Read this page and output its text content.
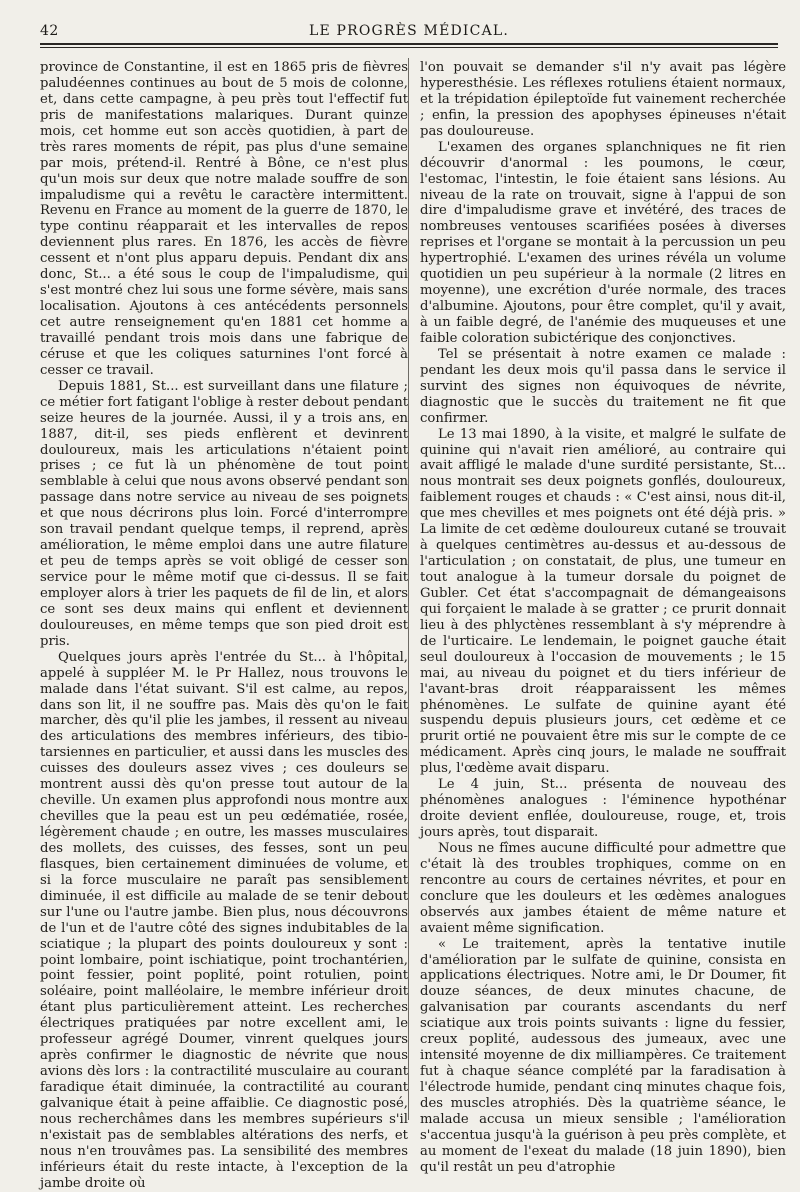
42	LE PROGRÈS MÉDICAL.

province de Constantine, il est en 1865 pris de fièvres paludéennes continues au bout de 5 mois de colonne, et, dans cette campagne, à peu près tout l'effectif fut pris de manifestations malariques. Durant quinze mois, cet homme eut son accès quotidien, à part de très rares moments de répit, pas plus d'une semaine par mois, prétend-il. Rentré à Bône, ce n'est plus qu'un mois sur deux que notre malade souffre de son impaludisme qui a revêtu le caractère intermittent. Revenu en France au moment de la guerre de 1870, le type continu réapparait et les intervalles de repos deviennent plus rares. En 1876, les accès de fièvre cessent et n'ont plus apparu depuis. Pendant dix ans donc, St... a été sous le coup de l'impaludisme, qui s'est montré chez lui sous une forme sévère, mais sans localisation. Ajoutons à ces antécédents personnels cet autre renseignement qu'en 1881 cet homme a travaillé pendant trois mois dans une fabrique de céruse et que les coliques saturnines l'ont forcé à cesser ce travail.

Depuis 1881, St... est surveillant dans une filature ; ce métier fort fatigant l'oblige à rester debout pendant seize heures de la journée. Aussi, il y a trois ans, en 1887, dit-il, ses pieds enflèrent et devinrent douloureux, mais les articulations n'étaient point prises ; ce fut là un phénomène de tout point semblable à celui que nous avons observé pendant son passage dans notre service au niveau de ses poignets et que nous décrirons plus loin. Forcé d'interrompre son travail pendant quelque temps, il reprend, après amélioration, le même emploi dans une autre filature et peu de temps après se voit obligé de cesser son service pour le même motif que ci-dessus. Il se fait employer alors à trier les paquets de fil de lin, et alors ce sont ses deux mains qui enflent et deviennent douloureuses, en même temps que son pied droit est pris.

Quelques jours après l'entrée du St... à l'hôpital, appelé à suppléer M. le Pr Hallez, nous trouvons le malade dans l'état suivant. S'il est calme, au repos, dans son lit, il ne souffre pas. Mais dès qu'on le fait marcher, dès qu'il plie les jambes, il ressent au niveau des articulations des membres inférieurs, des tibio-tarsiennes en particulier, et aussi dans les muscles des cuisses des douleurs assez vives ; ces douleurs se montrent aussi dès qu'on presse tout autour de la cheville. Un examen plus approfondi nous montre aux chevilles que la peau est un peu œdématiée, rosée, légèrement chaude ; en outre, les masses musculaires des mollets, des cuisses, des fesses, sont un peu flasques, bien certainement diminuées de volume, et si la force musculaire ne paraît pas sensiblement diminuée, il est difficile au malade de se tenir debout sur l'une ou l'autre jambe. Bien plus, nous découvrons de l'un et de l'autre côté des signes indubitables de la sciatique ; la plupart des points douloureux y sont : point lombaire, point ischiatique, point trochantérien, point fessier, point poplité, point rotulien, point soléaire, point malléolaire, le membre inférieur droit étant plus particulièrement atteint. Les recherches électriques pratiquées par notre excellent ami, le professeur agrégé Doumer, vinrent quelques jours après confirmer le diagnostic de névrite que nous avions dès lors : la contractilité musculaire au courant faradique était diminuée, la contractilité au courant galvanique était à peine affaiblie. Ce diagnostic posé, nous recherchâmes dans les membres supérieurs s'il n'existait pas de semblables altérations des nerfs, et nous n'en trouvâmes pas. La sensibilité des membres inférieurs était du reste intacte, à l'exception de la jambe droite où

l'on pouvait se demander s'il n'y avait pas légère hyperesthésie. Les réflexes rotuliens étaient normaux, et la trépidation épileptoïde fut vainement recherchée ; enfin, la pression des apophyses épineuses n'était pas douloureuse.

L'examen des organes splanchniques ne fit rien découvrir d'anormal : les poumons, le cœur, l'estomac, l'intestin, le foie étaient sans lésions. Au niveau de la rate on trouvait, signe à l'appui de son dire d'impaludisme grave et invétéré, des traces de nombreuses ventouses scarifiées posées à diverses reprises et l'organe se montait à la percussion un peu hypertrophié. L'examen des urines révéla un volume quotidien un peu supérieur à la normale (2 litres en moyenne), une excrétion d'urée normale, des traces d'albumine. Ajoutons, pour être complet, qu'il y avait, à un faible degré, de l'anémie des muqueuses et une faible coloration subictérique des conjonctives.

Tel se présentait à notre examen ce malade : pendant les deux mois qu'il passa dans le service il survint des signes non équivoques de névrite, diagnostic que le succès du traitement ne fit que confirmer.

Le 13 mai 1890, à la visite, et malgré le sulfate de quinine qui n'avait rien amélioré, au contraire qui avait affligé le malade d'une surdité persistante, St... nous montrait ses deux poignets gonflés, douloureux, faiblement rouges et chauds : « C'est ainsi, nous dit-il, que mes chevilles et mes poignets ont été déjà pris. » La limite de cet œdème douloureux cutané se trouvait à quelques centimètres au-dessus et au-dessous de l'articulation ; on constatait, de plus, une tumeur en tout analogue à la tumeur dorsale du poignet de Gubler. Cet état s'accompagnait de démangeaisons qui forçaient le malade à se gratter ; ce prurit donnait lieu à des phlyctènes ressemblant à s'y méprendre à de l'urticaire. Le lendemain, le poignet gauche était seul douloureux à l'occasion de mouvements ; le 15 mai, au niveau du poignet et du tiers inférieur de l'avant-bras droit réapparaissent les mêmes phénomènes. Le sulfate de quinine ayant été suspendu depuis plusieurs jours, cet œdème et ce prurit ortié ne pouvaient être mis sur le compte de ce médicament. Après cinq jours, le malade ne souffrait plus, l'œdème avait disparu.

Le 4 juin, St... présenta de nouveau des phénomènes analogues : l'éminence hypothénar droite devient enflée, douloureuse, rouge, et, trois jours après, tout disparait.

Nous ne fîmes aucune difficulté pour admettre que c'était là des troubles trophiques, comme on en rencontre au cours de certaines névrites, et pour en conclure que les douleurs et les œdèmes analogues observés aux jambes étaient de même nature et avaient même signification.

« Le traitement, après la tentative inutile d'amélioration par le sulfate de quinine, consista en applications électriques. Notre ami, le Dr Doumer, fit douze séances, de deux minutes chacune, de galvanisation par courants ascendants du nerf sciatique aux trois points suivants : ligne du fessier, creux poplité, audessous des jumeaux, avec une intensité moyenne de dix milliampères. Ce traitement fut à chaque séance complété par la faradisation à l'électrode humide, pendant cinq minutes chaque fois, des muscles atrophiés. Dès la quatrième séance, le malade accusa un mieux sensible ; l'amélioration s'accentua jusqu'à la guérison à peu près complète, et au moment de l'exeat du malade (18 juin 1890), bien qu'il restât un peu d'atrophie
